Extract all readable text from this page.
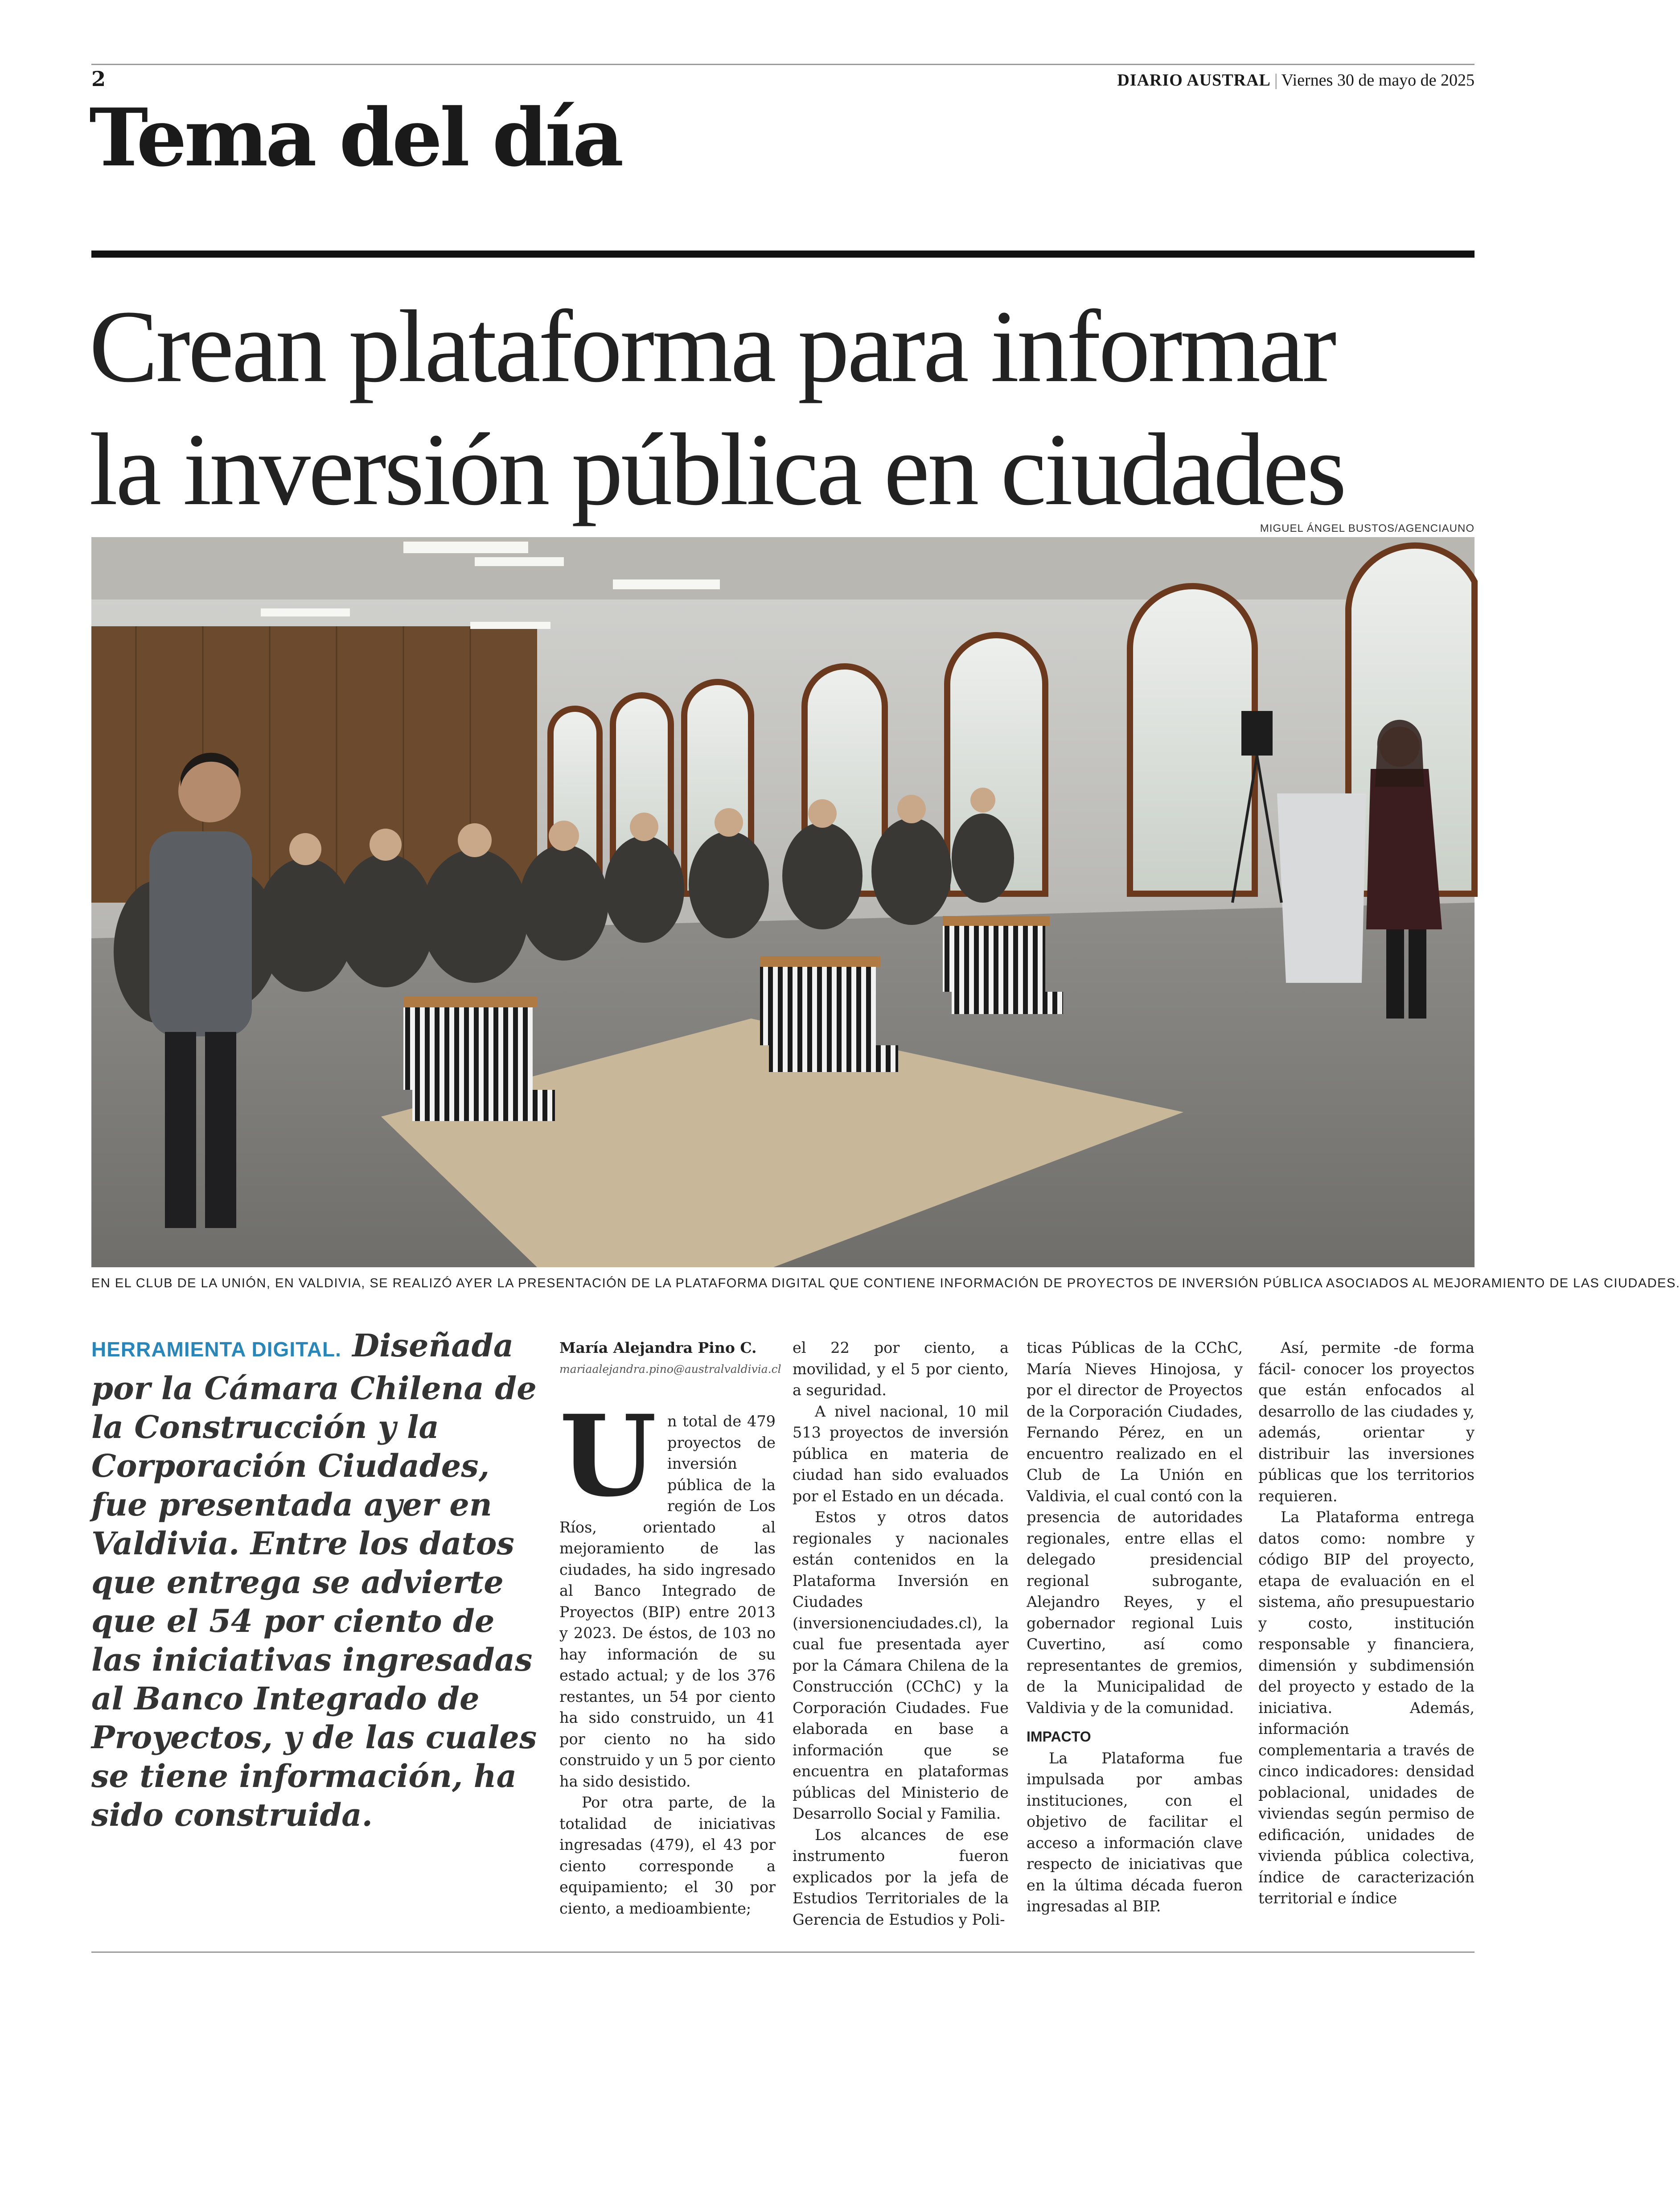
2	DIARIO AUSTRAL | Viernes 30 de mayo de 2025
Tema del día
Crean plataforma para informar
la inversión pública en ciudades
MIGUEL ÁNGEL BUSTOS/AGENCIAUNO
EN EL CLUB DE LA UNIÓN, EN VALDIVIA, SE REALIZÓ AYER LA PRESENTACIÓN DE LA PLATAFORMA DIGITAL QUE CONTIENE INFORMACIÓN DE PROYECTOS DE INVERSIÓN PÚBLICA ASOCIADOS AL MEJORAMIENTO DE LAS CIUDADES.
HERRAMIENTA DIGITAL. Diseñada por la Cámara Chilena de la Construcción y la Corporación Ciudades, fue presentada ayer en Valdivia. Entre los datos que entrega se advierte que el 54 por ciento de las iniciativas ingresadas al Banco Integrado de Proyectos, y de las cuales se tiene información, ha sido construida.

María Alejandra Pino C.

mariaalejandra.pino@australvaldivia.cl

Un total de 479 proyectos de inversión pública de la región de Los Ríos, orientado al mejoramiento de las ciudades, ha sido ingresado al Banco Integrado de Proyectos (BIP) entre 2013 y 2023. De éstos, de 103 no hay información de su estado actual; y de los 376 restantes, un 54 por ciento ha sido construido, un 41 por ciento no ha sido construido y un 5 por ciento ha sido desistido.

Por otra parte, de la totalidad de iniciativas ingresadas (479), el 43 por ciento corresponde a equipamiento; el 30 por ciento, a medioambiente;

el 22 por ciento, a movilidad, y el 5 por ciento, a seguridad.

A nivel nacional, 10 mil 513 proyectos de inversión pública en materia de ciudad han sido evaluados por el Estado en un década.

Estos y otros datos regionales y nacionales están contenidos en la Plataforma Inversión en Ciudades (inversionenciudades.cl), la cual fue presentada ayer por la Cámara Chilena de la Construcción (CChC) y la Corporación Ciudades. Fue elaborada en base a información que se encuentra en plataformas públicas del Ministerio de Desarrollo Social y Familia.

Los alcances de ese instrumento fueron explicados por la jefa de Estudios Territoriales de la Gerencia de Estudios y Poli-

ticas Públicas de la CChC, María Nieves Hinojosa, y por el director de Proyectos de la Corporación Ciudades, Fernando Pérez, en un encuentro realizado en el Club de La Unión en Valdivia, el cual contó con la presencia de autoridades regionales, entre ellas el delegado presidencial regional subrogante, Alejandro Reyes, y el gobernador regional Luis Cuvertino, así como representantes de gremios, de la Municipalidad de Valdivia y de la comunidad.

IMPACTO

La Plataforma fue impulsada por ambas instituciones, con el objetivo de facilitar el acceso a información clave respecto de iniciativas que en la última década fueron ingresadas al BIP.

Así, permite -de forma fácil- conocer los proyectos que están enfocados al desarrollo de las ciudades y, además, orientar y distribuir las inversiones públicas que los territorios requieren.

La Plataforma entrega datos como: nombre y código BIP del proyecto, etapa de evaluación en el sistema, año presupuestario y costo, institución responsable y financiera, dimensión y subdimensión del proyecto y estado de la iniciativa. Además, información complementaria a través de cinco indicadores: densidad poblacional, unidades de viviendas según permiso de edificación, unidades de vivienda pública colectiva, índice de caracterización territorial e índice
